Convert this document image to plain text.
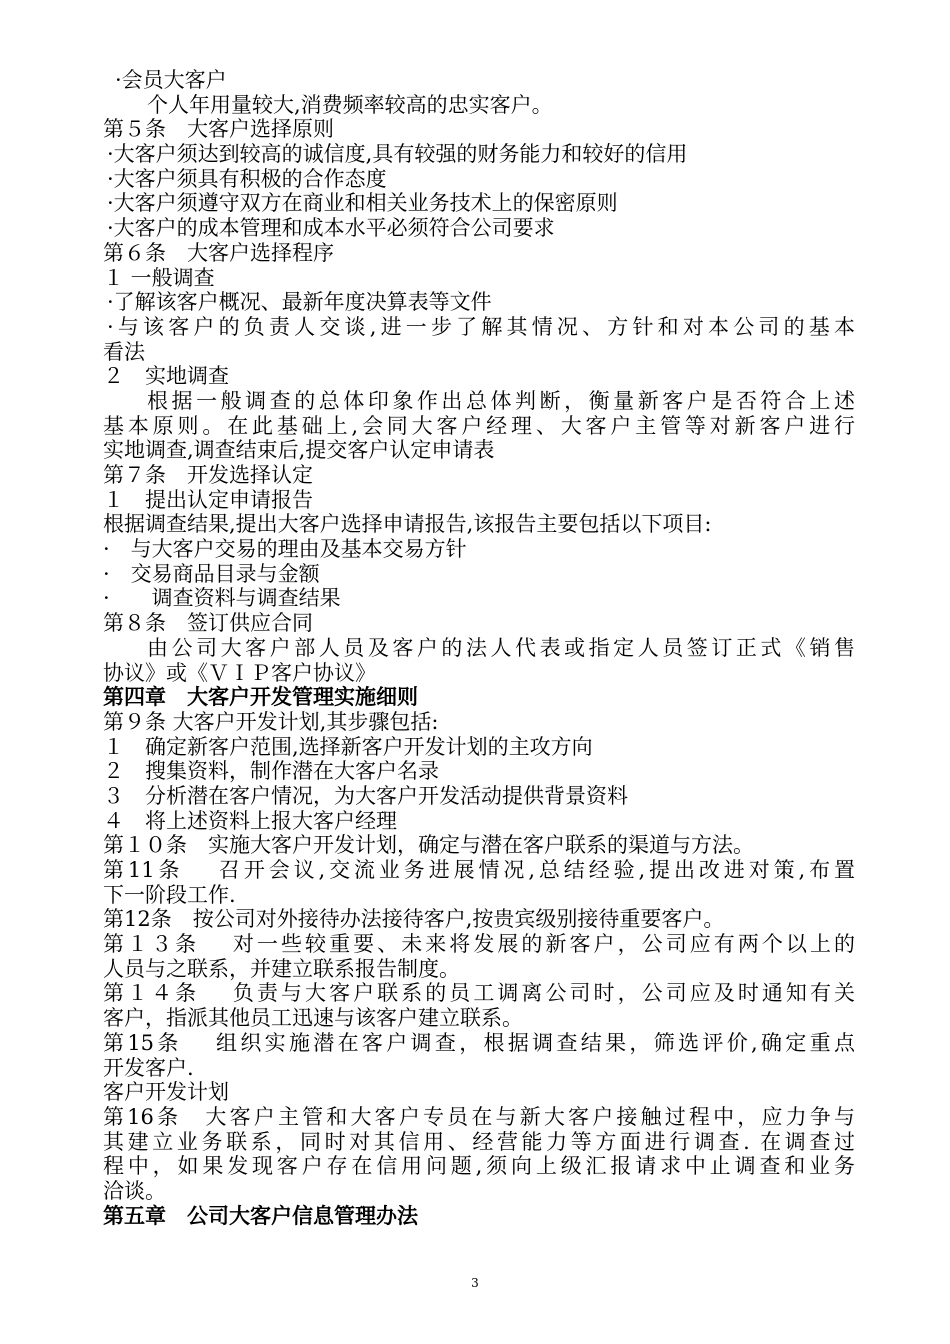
·会员大客户
个人年用量较大,消费频率较高的忠实客户。
第５条　大客户选择原则
·大客户须达到较高的诚信度,具有较强的财务能力和较好的信用
·大客户须具有积极的合作态度
·大客户须遵守双方在商业和相关业务技术上的保密原则
·大客户的成本管理和成本水平必须符合公司要求
第６条　大客户选择程序
１ 一般调查
·了解该客户概况、最新年度决算表等文件
·与该客户的负责人交谈,进一步了解其情况、方针和对本公司的基本
看法
２　实地调查
根据一般调查的总体印象作出总体判断，衡量新客户是否符合上述
基本原则。在此基础上,会同大客户经理、大客户主管等对新客户进行
实地调查,调查结束后,提交客户认定申请表
第７条　开发选择认定
１　提出认定申请报告
根据调查结果,提出大客户选择申请报告,该报告主要包括以下项目:
·　与大客户交易的理由及基本交易方针
·　交易商品目录与金额
·　　调查资料与调查结果
第８条　签订供应合同
由公司大客户部人员及客户的法人代表或指定人员签订正式《销售
协议》或《ＶＩＰ客户协议》
第四章　大客户开发管理实施细则
第９条 大客户开发计划,其步骤包括:
１　确定新客户范围,选择新客户开发计划的主攻方向
２　搜集资料，制作潜在大客户名录
３　分析潜在客户情况，为大客户开发活动提供背景资料
４　将上述资料上报大客户经理
第１０条　实施大客户开发计划，确定与潜在客户联系的渠道与方法。
第11条　 召开会议,交流业务进展情况,总结经验,提出改进对策,布置
下一阶段工作.
第12条　按公司对外接待办法接待客户,按贵宾级别接待重要客户。
第１３条　 对一些较重要、未来将发展的新客户，公司应有两个以上的
人员与之联系，并建立联系报告制度。
第１４条　 负责与大客户联系的员工调离公司时，公司应及时通知有关
客户，指派其他员工迅速与该客户建立联系。
第15条　 组织实施潜在客户调查，根据调查结果，筛选评价,确定重点
开发客户.
客户开发计划
第16条　大客户主管和大客户专员在与新大客户接触过程中，应力争与
其建立业务联系，同时对其信用、经营能力等方面进行调查. 在调查过
程中，如果发现客户存在信用问题,须向上级汇报请求中止调查和业务
洽谈。
第五章　公司大客户信息管理办法
3
